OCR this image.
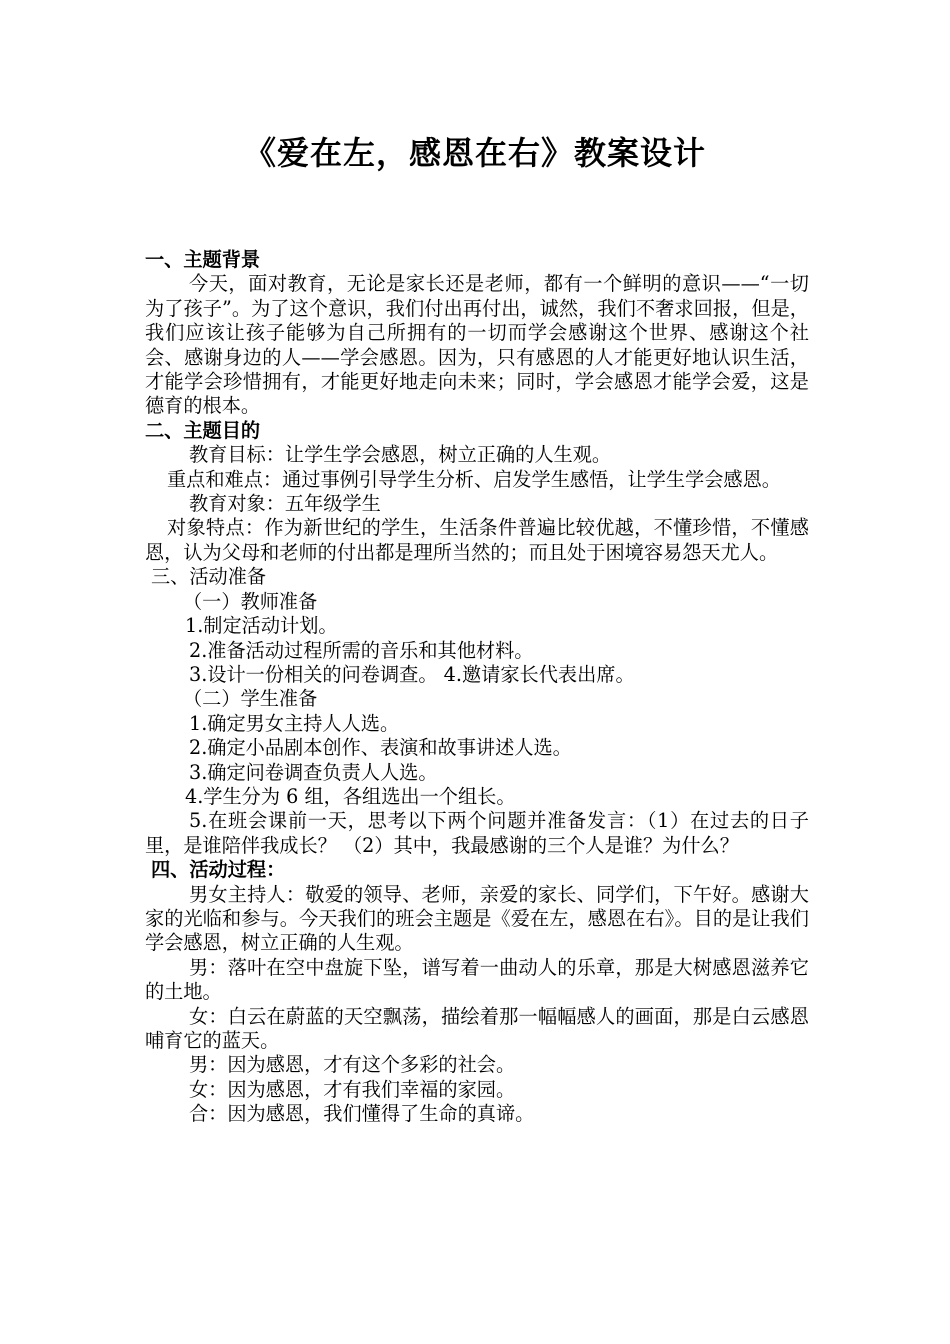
《爱在左，感恩在右》教案设计

一、主题背景

今天，面对教育，无论是家长还是老师，都有一个鲜明的意识——“一切为了孩子”。为了这个意识，我们付出再付出，诚然，我们不奢求回报，但是，我们应该让孩子能够为自己所拥有的一切而学会感谢这个世界、感谢这个社会、感谢身边的人——学会感恩。因为，只有感恩的人才能更好地认识生活，才能学会珍惜拥有，才能更好地走向未来；同时，学会感恩才能学会爱，这是德育的根本。

二、主题目的

教育目标：让学生学会感恩，树立正确的人生观。

重点和难点：通过事例引导学生分析、启发学生感悟，让学生学会感恩。

教育对象：五年级学生

对象特点：作为新世纪的学生，生活条件普遍比较优越，不懂珍惜，不懂感恩，认为父母和老师的付出都是理所当然的；而且处于困境容易怨天尤人。

三、活动准备

（一）教师准备

1.制定活动计划。

2.准备活动过程所需的音乐和其他材料。

3.设计一份相关的问卷调查。 4.邀请家长代表出席。

（二）学生准备

1.确定男女主持人人选。

2.确定小品剧本创作、表演和故事讲述人选。

3.确定问卷调查负责人人选。

4.学生分为 6 组，各组选出一个组长。

5.在班会课前一天，思考以下两个问题并准备发言：（1）在过去的日子里，是谁陪伴我成长？ （2）其中，我最感谢的三个人是谁？为什么？

四、活动过程：

男女主持人：敬爱的领导、老师，亲爱的家长、同学们，下午好。感谢大家的光临和参与。今天我们的班会主题是《爱在左，感恩在右》。目的是让我们学会感恩，树立正确的人生观。

男：落叶在空中盘旋下坠，谱写着一曲动人的乐章，那是大树感恩滋养它的土地。

女：白云在蔚蓝的天空飘荡，描绘着那一幅幅感人的画面，那是白云感恩哺育它的蓝天。

男：因为感恩，才有这个多彩的社会。

女：因为感恩，才有我们幸福的家园。

合：因为感恩，我们懂得了生命的真谛。
